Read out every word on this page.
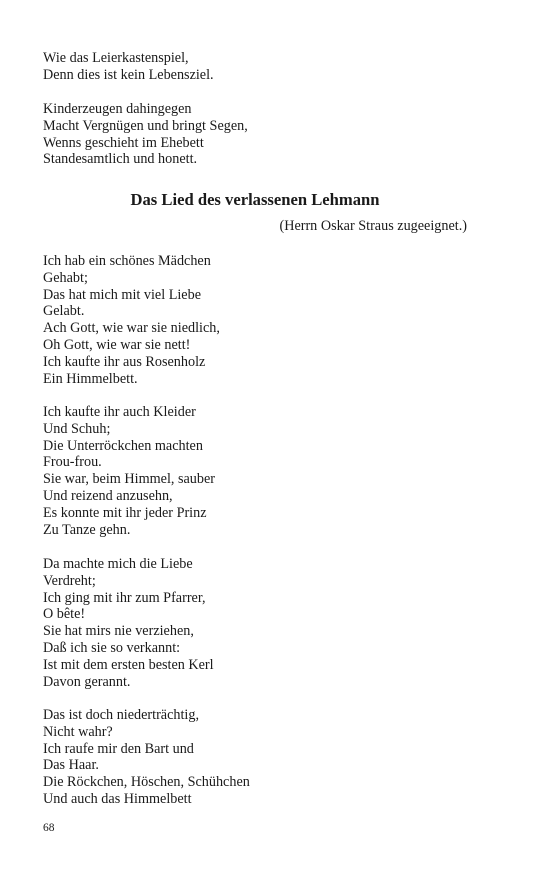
Wie das Leierkastenspiel,
Denn dies ist kein Lebensziel.
Kinderzeugen dahingegen
Macht Vergnügen und bringt Segen,
Wenns geschieht im Ehebett
Standesamtlich und honett.
Das Lied des verlassenen Lehmann
(Herrn Oskar Straus zugeeignet.)
Ich hab ein schönes Mädchen
Gehabt;
Das hat mich mit viel Liebe
Gelabt.
Ach Gott, wie war sie niedlich,
Oh Gott, wie war sie nett!
Ich kaufte ihr aus Rosenholz
Ein Himmelbett.
Ich kaufte ihr auch Kleider
Und Schuh;
Die Unterröckchen machten
Frou-frou.
Sie war, beim Himmel, sauber
Und reizend anzusehn,
Es konnte mit ihr jeder Prinz
Zu Tanze gehn.
Da machte mich die Liebe
Verdreht;
Ich ging mit ihr zum Pfarrer,
O bête!
Sie hat mirs nie verziehen,
Daß ich sie so verkannt:
Ist mit dem ersten besten Kerl
Davon gerannt.
Das ist doch niederträchtig,
Nicht wahr?
Ich raufe mir den Bart und
Das Haar.
Die Röckchen, Höschen, Schühchen
Und auch das Himmelbett
68
